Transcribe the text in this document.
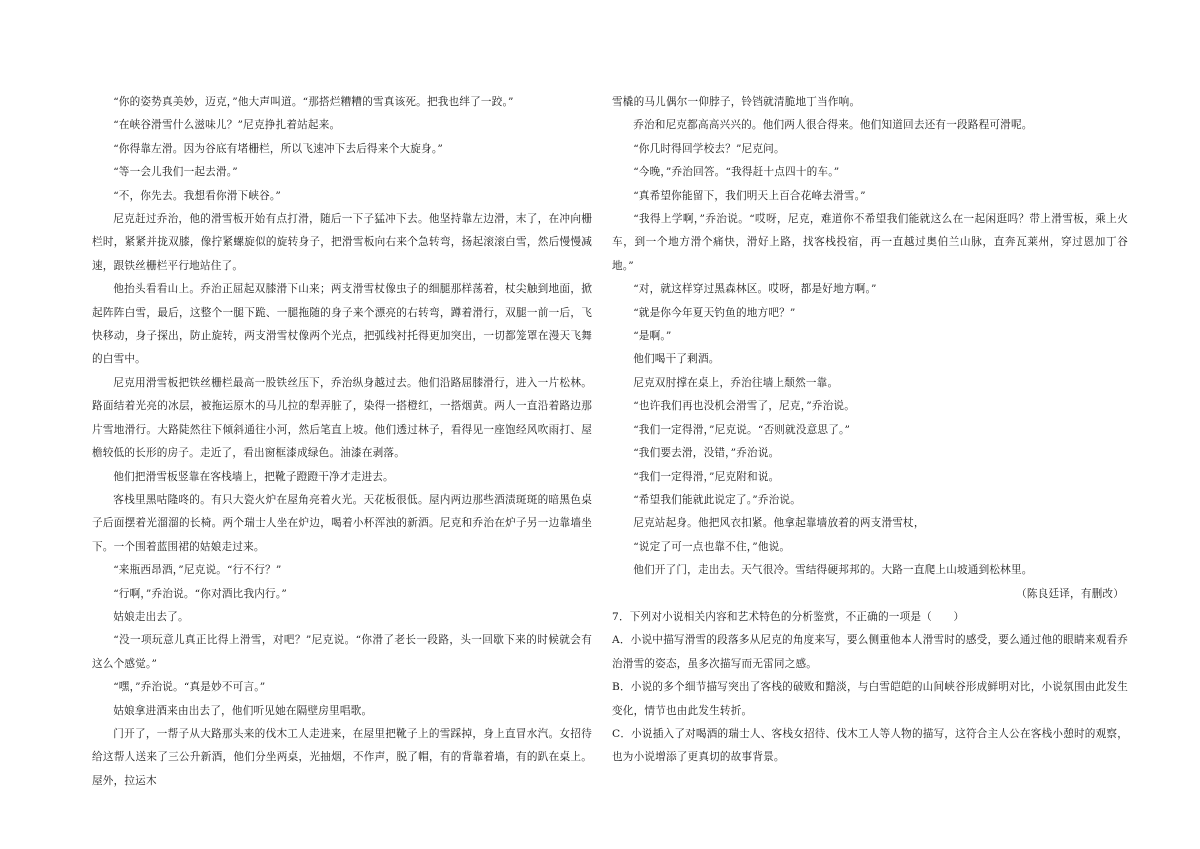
“你的姿势真美妙，迈克，”他大声叫道。“那搭烂糟糟的雪真该死。把我也绊了一跤。”

“在峡谷滑雪什么滋味儿？”尼克挣扎着站起来。

“你得靠左滑。因为谷底有堵栅栏，所以飞速冲下去后得来个大旋身。”

“等一会儿我们一起去滑。”

“不，你先去。我想看你滑下峡谷。”

尼克赶过乔治，他的滑雪板开始有点打滑，随后一下子猛冲下去。他坚持靠左边滑，末了，在冲向栅栏时，紧紧并拢双膝，像拧紧螺旋似的旋转身子，把滑雪板向右来个急转弯，扬起滚滚白雪，然后慢慢减速，跟铁丝栅栏平行地站住了。

他抬头看看山上。乔治正屈起双膝滑下山来；两支滑雪杖像虫子的细腿那样荡着，杖尖触到地面，掀起阵阵白雪，最后，这整个一腿下跪、一腿拖随的身子来个漂亮的右转弯，蹲着滑行，双腿一前一后，飞快移动，身子探出，防止旋转，两支滑雪杖像两个光点，把弧线衬托得更加突出，一切都笼罩在漫天飞舞的白雪中。

尼克用滑雪板把铁丝栅栏最高一股铁丝压下，乔治纵身越过去。他们沿路屈膝滑行，进入一片松林。路面结着光亮的冰层，被拖运原木的马儿拉的犁弄脏了，染得一搭橙红，一搭烟黄。两人一直沿着路边那片雪地滑行。大路陡然往下倾斜通往小河，然后笔直上坡。他们透过林子，看得见一座饱经风吹雨打、屋檐较低的长形的房子。走近了，看出窗框漆成绿色。油漆在剥落。

他们把滑雪板竖靠在客栈墙上，把靴子蹬蹬干净才走进去。

客栈里黑咕隆咚的。有只大瓷火炉在屋角亮着火光。天花板很低。屋内两边那些酒渍斑斑的暗黑色桌子后面摆着光溜溜的长椅。两个瑞士人坐在炉边，喝着小杯浑浊的新酒。尼克和乔治在炉子另一边靠墙坐下。一个围着蓝围裙的姑娘走过来。

“来瓶西昂酒，”尼克说。“行不行？”

“行啊，”乔治说。“你对酒比我内行。”

姑娘走出去了。

“没一项玩意儿真正比得上滑雪，对吧？”尼克说。“你滑了老长一段路，头一回歇下来的时候就会有这么个感觉。”

“嘿，”乔治说。“真是妙不可言。”

姑娘拿进酒来由出去了，他们听见她在隔壁房里唱歌。

门开了，一帮子从大路那头来的伐木工人走进来，在屋里把靴子上的雪踩掉，身上直冒水汽。女招待给这帮人送来了三公升新酒，他们分坐两桌，光抽烟，不作声，脱了帽，有的背靠着墙，有的趴在桌上。屋外，拉运木

雪橇的马儿偶尔一仰脖子，铃铛就清脆地丁当作响。

乔治和尼克都高高兴兴的。他们两人很合得来。他们知道回去还有一段路程可滑呢。

“你几时得回学校去？”尼克问。

“今晚，”乔治回答。“我得赶十点四十的车。”

“真希望你能留下，我们明天上百合花峰去滑雪。”

“我得上学啊，”乔治说。“哎呀，尼克，难道你不希望我们能就这么在一起闲逛吗？带上滑雪板，乘上火车，到一个地方滑个痛快，滑好上路，找客栈投宿，再一直越过奥伯兰山脉，直奔瓦莱州，穿过恩加丁谷地。”

“对，就这样穿过黑森林区。哎呀，都是好地方啊。”

“就是你今年夏天钓鱼的地方吧？”

“是啊。”

他们喝干了剩酒。

尼克双肘撑在桌上，乔治往墙上颓然一靠。

“也许我们再也没机会滑雪了，尼克，”乔治说。

“我们一定得滑，”尼克说。“否则就没意思了。”

“我们要去滑，没错，”乔治说。

“我们一定得滑，”尼克附和说。

“希望我们能就此说定了。”乔治说。

尼克站起身。他把风衣扣紧。他拿起靠墙放着的两支滑雪杖，

“说定了可一点也靠不住，”他说。

他们开了门，走出去。天气很冷。雪结得硬邦邦的。大路一直爬上山坡通到松林里。

（陈良廷译，有删改）

7．下列对小说相关内容和艺术特色的分析鉴赏，不正确的一项是（　　）

A．小说中描写滑雪的段落多从尼克的角度来写，要么侧重他本人滑雪时的感受，要么通过他的眼睛来观看乔治滑雪的姿态，虽多次描写而无雷同之感。

B．小说的多个细节描写突出了客栈的破败和黯淡，与白雪皑皑的山间峡谷形成鲜明对比，小说氛围由此发生变化，情节也由此发生转折。

C．小说插入了对喝酒的瑞士人、客栈女招待、伐木工人等人物的描写，这符合主人公在客栈小憩时的观察，也为小说增添了更真切的故事背景。
